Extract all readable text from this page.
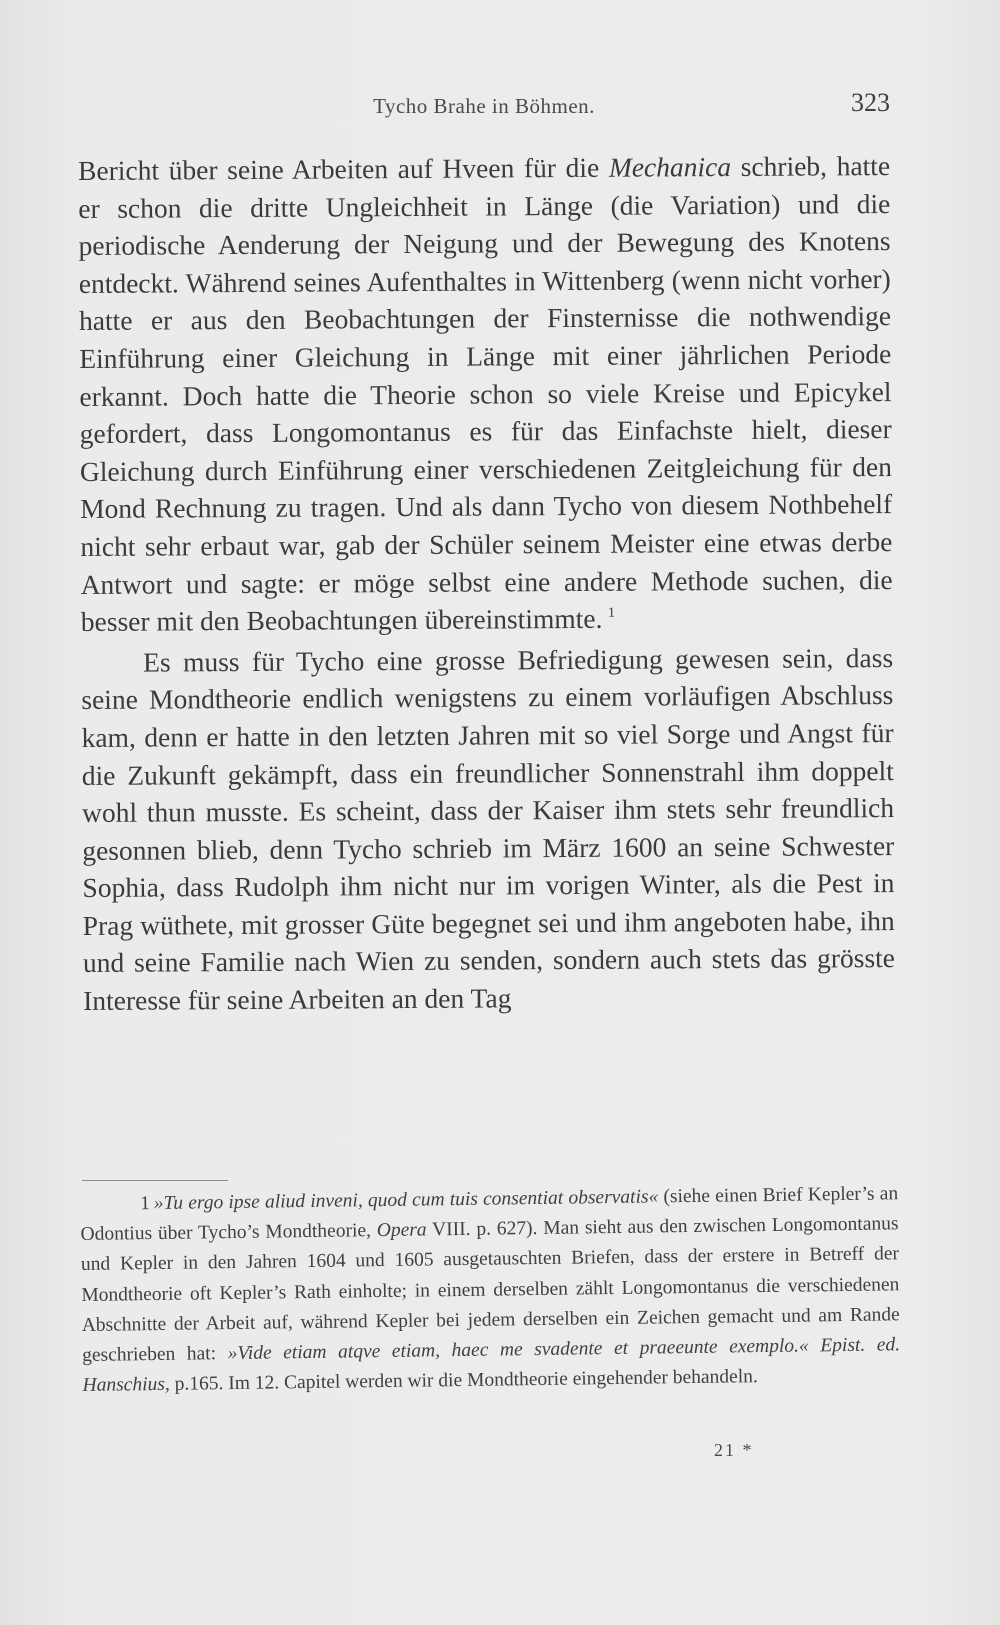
Tycho Brahe in Böhmen.	323

Bericht über seine Arbeiten auf Hveen für die Mechanica schrieb, hatte er schon die dritte Ungleichheit in Länge (die Variation) und die periodische Aenderung der Neigung und der Bewegung des Knotens entdeckt. Während seines Aufenthaltes in Wittenberg (wenn nicht vorher) hatte er aus den Beobachtungen der Finsternisse die nothwendige Einführung einer Gleichung in Länge mit einer jährlichen Periode erkannt. Doch hatte die Theorie schon so viele Kreise und Epicykel gefordert, dass Longomontanus es für das Einfachste hielt, dieser Gleichung durch Einführung einer verschiedenen Zeitgleichung für den Mond Rechnung zu tragen. Und als dann Tycho von diesem Nothbehelf nicht sehr erbaut war, gab der Schüler seinem Meister eine etwas derbe Antwort und sagte: er möge selbst eine andere Methode suchen, die besser mit den Beobachtungen übereinstimmte.  $^1$

Es muss für Tycho eine grosse Befriedigung gewesen sein, dass seine Mondtheorie endlich wenigstens zu einem vorläufigen Abschluss kam, denn er hatte in den letzten Jahren mit so viel Sorge und Angst für die Zukunft gekämpft, dass ein freundlicher Sonnenstrahl ihm doppelt wohl thun musste. Es scheint, dass der Kaiser ihm stets sehr freundlich gesonnen blieb, denn Tycho schrieb im März 1600 an seine Schwester Sophia, dass Rudolph ihm nicht nur im vorigen Winter, als die Pest in Prag wüthete, mit grosser Güte begegnet sei und ihm angeboten habe, ihn und seine Familie nach Wien zu senden, sondern auch stets das grösste Interesse für seine Arbeiten an den Tag

1  »Tu ergo ipse aliud inveni, quod cum tuis consentiat observatis« (siehe einen Brief Kepler’s an Odontius über Tycho’s Mondtheorie, Opera VIII. p. 627). Man sieht aus den zwischen Longomontanus und Kepler in den Jahren 1604 und 1605 ausgetauschten Briefen, dass der erstere in Betreff der Mondtheorie oft Kepler’s Rath einholte; in einem derselben zählt Longomontanus die verschiedenen Abschnitte der Arbeit auf, während Kepler bei jedem derselben ein Zeichen gemacht und am Rande geschrieben hat: »Vide etiam atqve etiam, haec me svadente et praeeunte exemplo.« Epist. ed. Hanschius, p.165. Im 12. Capitel werden wir die Mondtheorie eingehender behandeln.

21 *
